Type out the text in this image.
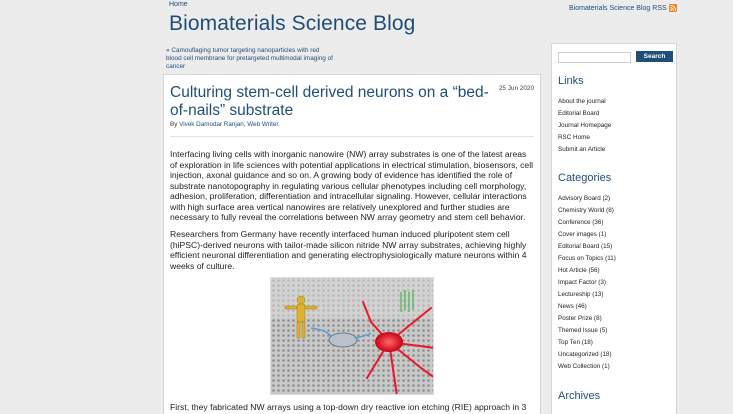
Home	Biomaterials Science Blog RSS
Biomaterials Science Blog
« Camouflaging tumor targeting nanoparticles with red blood cell membrane for pretargeted multimodal imaging of cancer
25 Jun 2020
Culturing stem-cell derived neurons on a “bed-of-nails” substrate
By Vivek Damodar Ranjan, Web Writer.

Interfacing living cells with inorganic nanowire (NW) array substrates is one of the latest areas of exploration in life sciences with potential applications in electrical stimulation, biosensors, cell injection, axonal guidance and so on. A growing body of evidence has identified the role of substrate nanotopography in regulating various cellular phenotypes including cell morphology, adhesion, proliferation, differentiation and intracellular signaling. However, cellular interactions with high surface area vertical nanowires are relatively unexplored and further studies are necessary to fully reveal the correlations between NW array geometry and stem cell behavior.

Researchers from Germany have recently interfaced human induced pluripotent stem cell (hiPSC)-derived neurons with tailor-made silicon nitride NW array substrates, achieving highly efficient neuronal differentiation and generating electrophysiologically mature neurons within 4 weeks of culture.

First, they fabricated NW arrays using a top-down dry reactive ion etching (RIE) approach in 3

Search
Links
About the journal
Editorial Board
Journal Homepage
RSC Home
Submit an Article
Categories
Advisory Board (2)
Chemistry World (8)
Conference (36)
Cover images (1)
Editorial Board (15)
Focus on Topics (11)
Hot Article (56)
Impact Factor (3)
Lectureship (13)
News (46)
Poster Prize (8)
Themed Issue (5)
Top Ten (18)
Uncategorized (18)
Web Collection (1)
Archives
